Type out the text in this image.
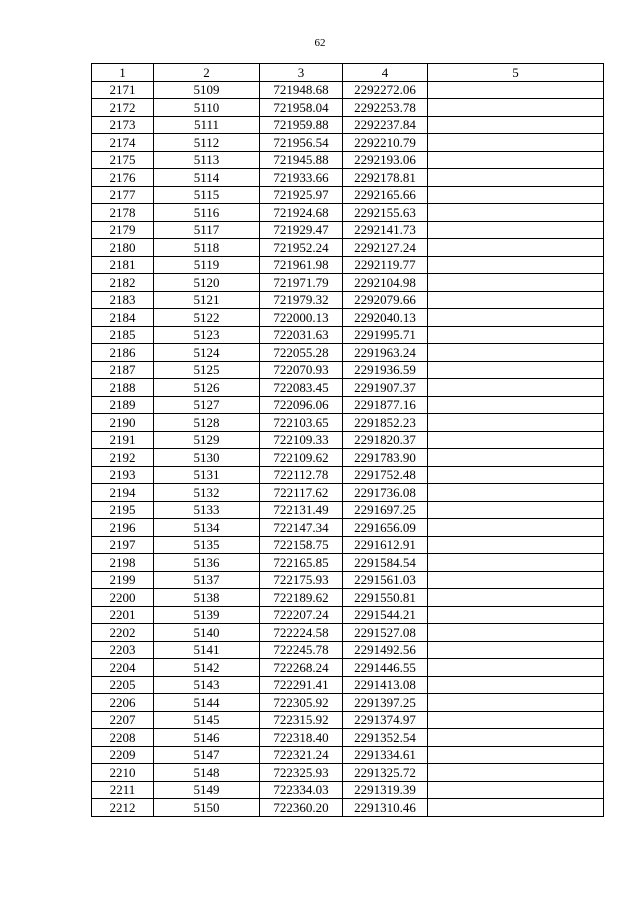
62
1	2	3	4	5
2171	5109	721948.68	2292272.06	
2172	5110	721958.04	2292253.78	
2173	5111	721959.88	2292237.84	
2174	5112	721956.54	2292210.79	
2175	5113	721945.88	2292193.06	
2176	5114	721933.66	2292178.81	
2177	5115	721925.97	2292165.66	
2178	5116	721924.68	2292155.63	
2179	5117	721929.47	2292141.73	
2180	5118	721952.24	2292127.24	
2181	5119	721961.98	2292119.77	
2182	5120	721971.79	2292104.98	
2183	5121	721979.32	2292079.66	
2184	5122	722000.13	2292040.13	
2185	5123	722031.63	2291995.71	
2186	5124	722055.28	2291963.24	
2187	5125	722070.93	2291936.59	
2188	5126	722083.45	2291907.37	
2189	5127	722096.06	2291877.16	
2190	5128	722103.65	2291852.23	
2191	5129	722109.33	2291820.37	
2192	5130	722109.62	2291783.90	
2193	5131	722112.78	2291752.48	
2194	5132	722117.62	2291736.08	
2195	5133	722131.49	2291697.25	
2196	5134	722147.34	2291656.09	
2197	5135	722158.75	2291612.91	
2198	5136	722165.85	2291584.54	
2199	5137	722175.93	2291561.03	
2200	5138	722189.62	2291550.81	
2201	5139	722207.24	2291544.21	
2202	5140	722224.58	2291527.08	
2203	5141	722245.78	2291492.56	
2204	5142	722268.24	2291446.55	
2205	5143	722291.41	2291413.08	
2206	5144	722305.92	2291397.25	
2207	5145	722315.92	2291374.97	
2208	5146	722318.40	2291352.54	
2209	5147	722321.24	2291334.61	
2210	5148	722325.93	2291325.72	
2211	5149	722334.03	2291319.39	
2212	5150	722360.20	2291310.46	
